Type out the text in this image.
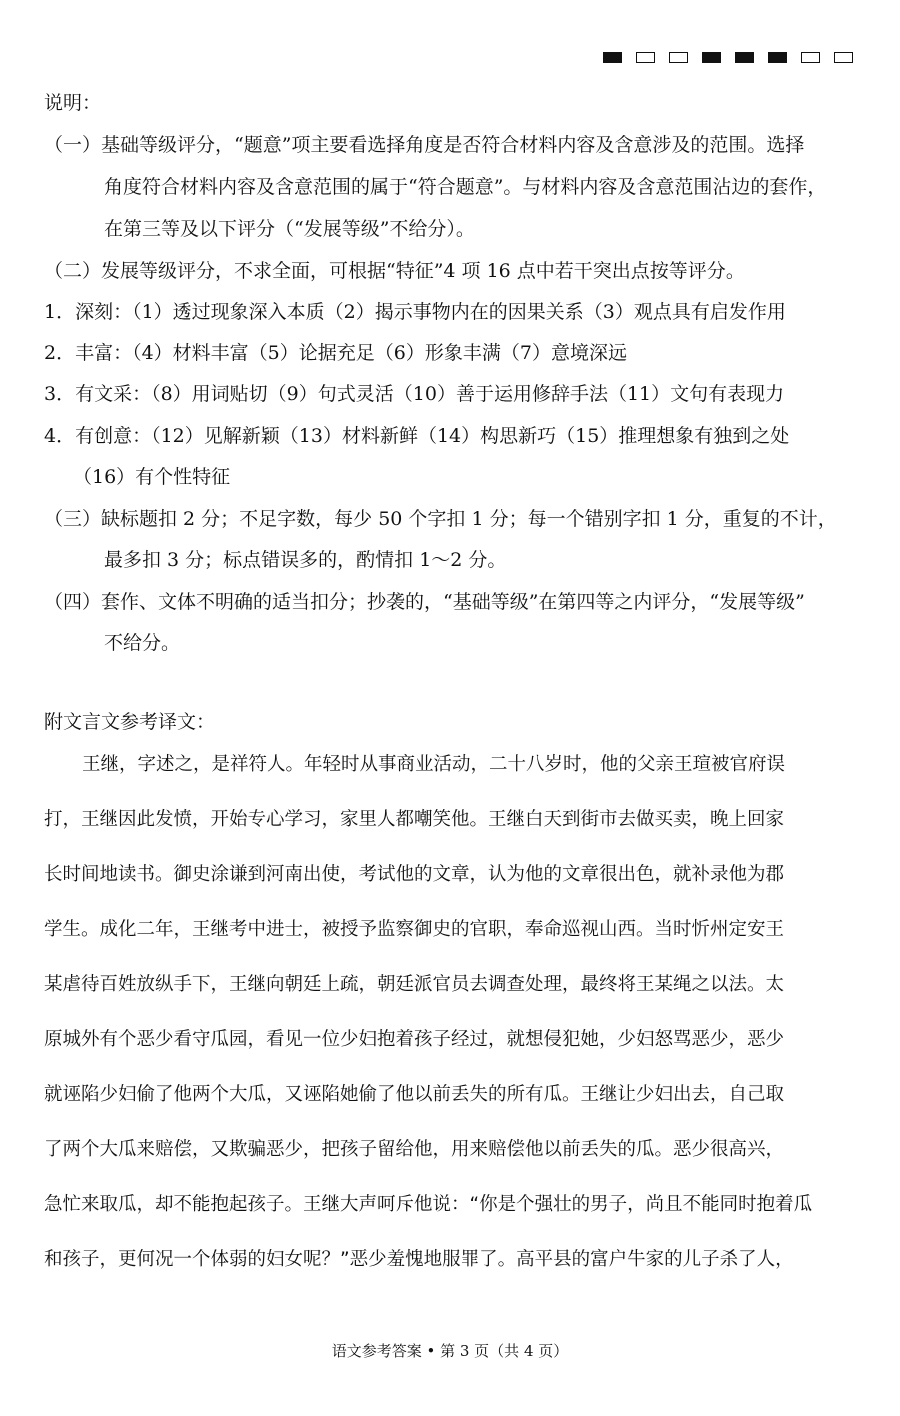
说明：
（一）基础等级评分，“题意”项主要看选择角度是否符合材料内容及含意涉及的范围。选择
角度符合材料内容及含意范围的属于“符合题意”。与材料内容及含意范围沾边的套作，
在第三等及以下评分（“发展等级”不给分）。
（二）发展等级评分，不求全面，可根据“特征”4 项 16 点中若干突出点按等评分。
1．深刻：（1）透过现象深入本质（2）揭示事物内在的因果关系（3）观点具有启发作用
2．丰富：（4）材料丰富（5）论据充足（6）形象丰满（7）意境深远
3．有文采：（8）用词贴切（9）句式灵活（10）善于运用修辞手法（11）文句有表现力
4．有创意：（12）见解新颖（13）材料新鲜（14）构思新巧（15）推理想象有独到之处
（16）有个性特征
（三）缺标题扣 2 分；不足字数，每少 50 个字扣 1 分；每一个错别字扣 1 分，重复的不计，
最多扣 3 分；标点错误多的，酌情扣 1～2 分。
（四）套作、文体不明确的适当扣分；抄袭的，“基础等级”在第四等之内评分，“发展等级”
不给分。
附文言文参考译文：
王继，字述之，是祥符人。年轻时从事商业活动，二十八岁时，他的父亲王瑄被官府误
打，王继因此发愤，开始专心学习，家里人都嘲笑他。王继白天到街市去做买卖，晚上回家
长时间地读书。御史涂谦到河南出使，考试他的文章，认为他的文章很出色，就补录他为郡
学生。成化二年，王继考中进士，被授予监察御史的官职，奉命巡视山西。当时忻州定安王
某虐待百姓放纵手下，王继向朝廷上疏，朝廷派官员去调查处理，最终将王某绳之以法。太
原城外有个恶少看守瓜园，看见一位少妇抱着孩子经过，就想侵犯她，少妇怒骂恶少，恶少
就诬陷少妇偷了他两个大瓜，又诬陷她偷了他以前丢失的所有瓜。王继让少妇出去，自己取
了两个大瓜来赔偿，又欺骗恶少，把孩子留给他，用来赔偿他以前丢失的瓜。恶少很高兴，
急忙来取瓜，却不能抱起孩子。王继大声呵斥他说：“你是个强壮的男子，尚且不能同时抱着瓜
和孩子，更何况一个体弱的妇女呢？”恶少羞愧地服罪了。高平县的富户牛家的儿子杀了人，
语文参考答案 • 第 3 页（共 4 页）
